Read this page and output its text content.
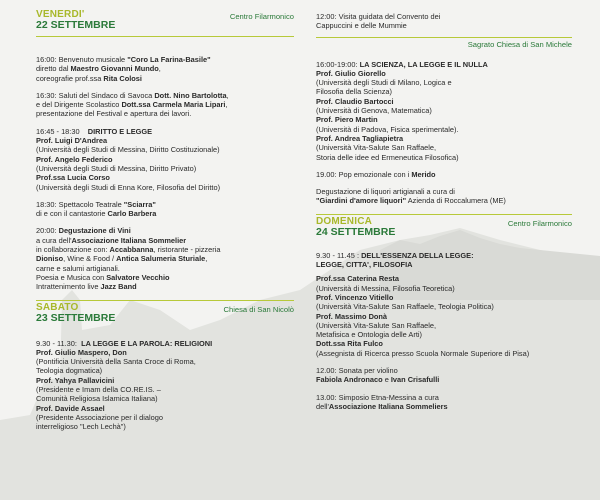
VENERDI'	Centro Filarmonico
22 SETTEMBRE

16:00: Benvenuto musicale "Coro La Farina-Basile"
diretto dal Maestro Giovanni Mundo,
coreografie prof.ssa Rita Colosi

16:30: Saluti del Sindaco di Savoca Dott. Nino Bartolotta,
e del Dirigente Scolastico Dott.ssa Carmela Maria Lipari,
presentazione del Festival e apertura dei lavori.

16:45 - 18:30 DIRITTO E LEGGE
Prof. Luigi D'Andrea
(Università degli Studi di Messina, Diritto Costituzionale)
Prof. Angelo Federico
(Università degli Studi di Messina, Diritto Privato)
Prof.ssa Lucia Corso
(Università degli Studi di Enna Kore, Filosofia del Diritto)

18:30: Spettacolo Teatrale "Sciarra"
di e con il cantastorie Carlo Barbera

20:00: Degustazione di Vini
a cura dell'Associazione Italiana Sommelier
in collaborazione con: Accabbanna, ristorante - pizzeria
Dioniso, Wine & Food / Antica Salumeria Sturiale,
carne e salumi artigianali.
Poesia e Musica con Salvatore Vecchio
Intrattenimento live Jazz Band

SABATO	Chiesa di San Nicolò
23 SETTEMBRE

9.30 - 11.30: LA LEGGE E LA PAROLA: RELIGIONI
Prof. Giulio Maspero, Don
(Pontificia Università della Santa Croce di Roma,
Teologia dogmatica)
Prof. Yahya Pallavicini
(Presidente e Imam della CO.RE.IS. –
Comunità Religiosa Islamica Italiana)
Prof. Davide Assael
(Presidente Associazione per il dialogo
interreligioso "Lech Lechà")

12:00: Visita guidata del Convento dei
Cappuccini e delle Mummie

Sagrato Chiesa di San Michele

16:00-19:00: LA SCIENZA, LA LEGGE E IL NULLA
Prof. Giulio Giorello
(Università degli Studi di Milano, Logica e
Filosofia della Scienza)
Prof. Claudio Bartocci
(Università di Genova, Matematica)
Prof. Piero Martin
(Università di Padova, Fisica sperimentale).
Prof. Andrea Tagliapietra
(Università Vita-Salute San Raffaele,
Storia delle idee ed Ermeneutica Filosofica)

19.00: Pop emozionale con i Merido

Degustazione di liquori artigianali a cura di
"Giardini d'amore liquori" Azienda di Roccalumera (ME)

DOMENICA	Centro Filarmonico
24 SETTEMBRE

9.30 - 11.45 : DELL'ESSENZA DELLA LEGGE:
LEGGE, CITTA', FILOSOFIA
Prof.ssa Caterina Resta
(Università di Messina, Filosofia Teoretica)
Prof. Vincenzo Vitiello
(Università Vita-Salute San Raffaele, Teologia Politica)
Prof. Massimo Donà
(Università Vita-Salute San Raffaele,
Metafisica e Ontologia delle Arti)
Dott.ssa Rita Fulco
(Assegnista di Ricerca presso Scuola Normale Superiore di Pisa)

12.00: Sonata per violino
Fabiola Andronaco e Ivan Crisafulli

13.00: Simposio Etna-Messina a cura
dell'Associazione Italiana Sommeliers
